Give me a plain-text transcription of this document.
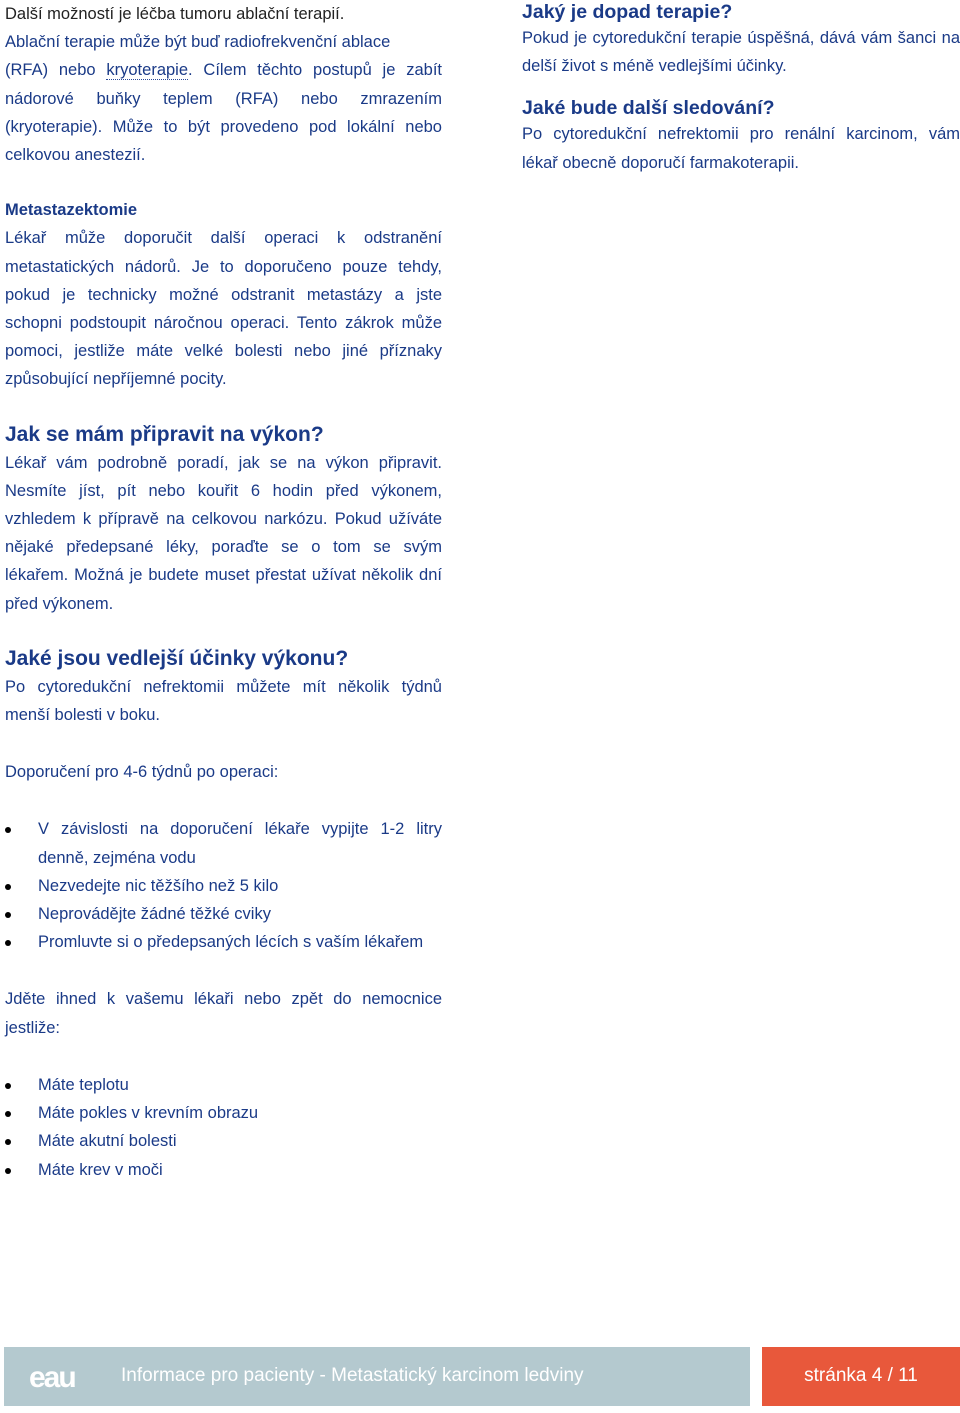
Další možností je léčba tumoru ablační terapií.
Ablační terapie může být buď radiofrekvenční ablace
(RFA) nebo kryoterapie. Cílem těchto postupů je zabít nádorové buňky teplem (RFA) nebo zmrazením (kryoterapie). Může to být provedeno pod lokální nebo celkovou anestezií.

Metastazektomie

Lékař může doporučit další operaci k odstranění metastatických nádorů. Je to doporučeno pouze tehdy, pokud je technicky možné odstranit metastázy a jste schopni podstoupit náročnou operaci. Tento zákrok může pomoci, jestliže máte velké bolesti nebo jiné příznaky způsobující nepříjemné pocity.

Jak se mám připravit na výkon?

Lékař vám podrobně poradí, jak se na výkon připravit. Nesmíte jíst, pít nebo kouřit 6 hodin před výkonem, vzhledem k přípravě na celkovou narkózu. Pokud užíváte nějaké předepsané léky, poraďte se o tom se svým lékařem. Možná je budete muset přestat užívat několik dní před výkonem.

Jaké jsou vedlejší účinky výkonu?

Po cytoredukční nefrektomii můžete mít několik týdnů menší bolesti v boku.

Doporučení pro 4-6 týdnů po operaci:

V závislosti na doporučení lékaře vypijte 1-2 litry denně, zejména vodu
Nezvedejte nic těžšího než 5 kilo
Neprovádějte žádné těžké cviky
Promluvte si o předepsaných lécích s vaším lékařem

Jděte ihned k vašemu lékaři nebo zpět do nemocnice jestliže:

Máte teplotu
Máte pokles v krevním obrazu
Máte akutní bolesti
Máte krev v moči
Jaký je dopad terapie?

Pokud je cytoredukční terapie úspěšná, dává vám šanci na delší život s méně vedlejšími účinky.

Jaké bude další sledování?

Po cytoredukční nefrektomii pro renální karcinom, vám lékař obecně doporučí farmakoterapii.

eau Informace pro pacienty - Metastatický karcinom ledviny	stránka 4 / 11
